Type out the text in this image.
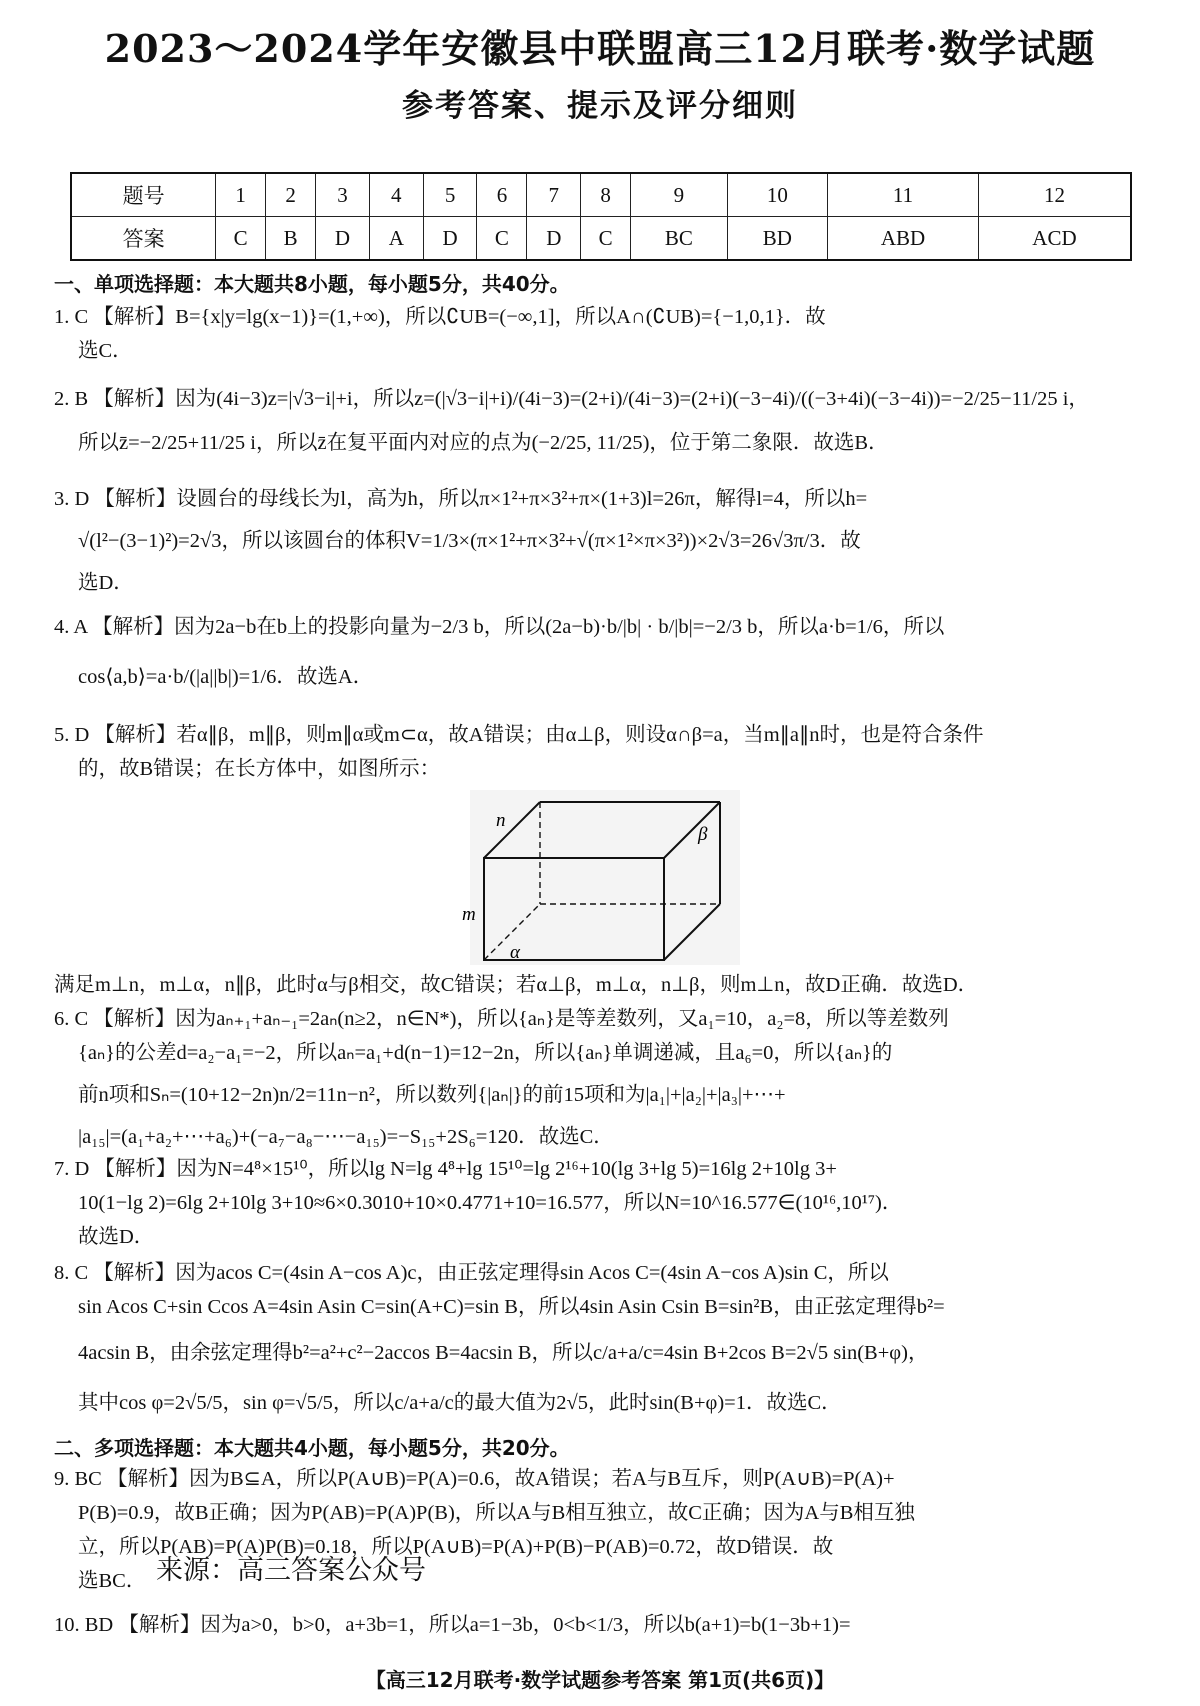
2023～2024学年安徽县中联盟高三12月联考·数学试题
参考答案、提示及评分细则
题号	1	2	3	4	5	6	7	8	9	10	11	12
答案	C	B	D	A	D	C	D	C	BC	BD	ABD	ACD
一、单项选择题：本大题共8小题，每小题5分，共40分。
1. C 【解析】B={x|y=lg(x−1)}=(1,+∞)，所以∁UB=(−∞,1]，所以A∩(∁UB)={−1,0,1}．故
选C．
2. B 【解析】因为(4i−3)z=|√3−i|+i，所以z=(|√3−i|+i)/(4i−3)=(2+i)/(4i−3)=(2+i)(−3−4i)/((−3+4i)(−3−4i))=−2/25−11/25 i，
所以z̄=−2/25+11/25 i，所以z̄在复平面内对应的点为(−2/25, 11/25)，位于第二象限．故选B．
3. D 【解析】设圆台的母线长为l，高为h，所以π×1²+π×3²+π×(1+3)l=26π，解得l=4，所以h=
√(l²−(3−1)²)=2√3，所以该圆台的体积V=1/3×(π×1²+π×3²+√(π×1²×π×3²))×2√3=26√3π/3．故
选D．
4. A 【解析】因为2a−b在b上的投影向量为−2/3 b，所以(2a−b)·b/|b| · b/|b|=−2/3 b，所以a·b=1/6，所以
cos⟨a,b⟩=a·b/(|a||b|)=1/6．故选A．
5. D 【解析】若α∥β，m∥β，则m∥α或m⊂α，故A错误；由α⊥β，则设α∩β=a，当m∥a∥n时，也是符合条件
的，故B错误；在长方体中，如图所示：
n
β
m
α
满足m⊥n，m⊥α，n∥β，此时α与β相交，故C错误；若α⊥β，m⊥α，n⊥β，则m⊥n，故D正确．故选D．
6. C 【解析】因为aₙ₊₁+aₙ₋₁=2aₙ(n≥2，n∈N*)，所以{aₙ}是等差数列，又a₁=10，a₂=8，所以等差数列
{aₙ}的公差d=a₂−a₁=−2，所以aₙ=a₁+d(n−1)=12−2n，所以{aₙ}单调递减，且a₆=0，所以{aₙ}的
前n项和Sₙ=(10+12−2n)n/2=11n−n²，所以数列{|aₙ|}的前15项和为|a₁|+|a₂|+|a₃|+⋯+
|a₁₅|=(a₁+a₂+⋯+a₆)+(−a₇−a₈−⋯−a₁₅)=−S₁₅+2S₆=120．故选C．
7. D 【解析】因为N=4⁸×15¹⁰，所以lg N=lg 4⁸+lg 15¹⁰=lg 2¹⁶+10(lg 3+lg 5)=16lg 2+10lg 3+
10(1−lg 2)=6lg 2+10lg 3+10≈6×0.3010+10×0.4771+10=16.577，所以N=10^16.577∈(10¹⁶,10¹⁷)．
故选D．
8. C 【解析】因为acos C=(4sin A−cos A)c，由正弦定理得sin Acos C=(4sin A−cos A)sin C，所以
sin Acos C+sin Ccos A=4sin Asin C=sin(A+C)=sin B，所以4sin Asin Csin B=sin²B，由正弦定理得b²=
4acsin B，由余弦定理得b²=a²+c²−2accos B=4acsin B，所以c/a+a/c=4sin B+2cos B=2√5 sin(B+φ)，
其中cos φ=2√5/5，sin φ=√5/5，所以c/a+a/c的最大值为2√5，此时sin(B+φ)=1．故选C．
二、多项选择题：本大题共4小题，每小题5分，共20分。
9. BC 【解析】因为B⊆A，所以P(A∪B)=P(A)=0.6，故A错误；若A与B互斥，则P(A∪B)=P(A)+
P(B)=0.9，故B正确；因为P(AB)=P(A)P(B)，所以A与B相互独立，故C正确；因为A与B相互独
立，所以P(AB)=P(A)P(B)=0.18，所以P(A∪B)=P(A)+P(B)−P(AB)=0.72，故D错误．故
选BC． 来源：高三答案公众号
10. BD 【解析】因为a>0，b>0，a+3b=1，所以a=1−3b，0<b<1/3，所以b(a+1)=b(1−3b+1)=
【高三12月联考·数学试题参考答案 第1页(共6页)】
